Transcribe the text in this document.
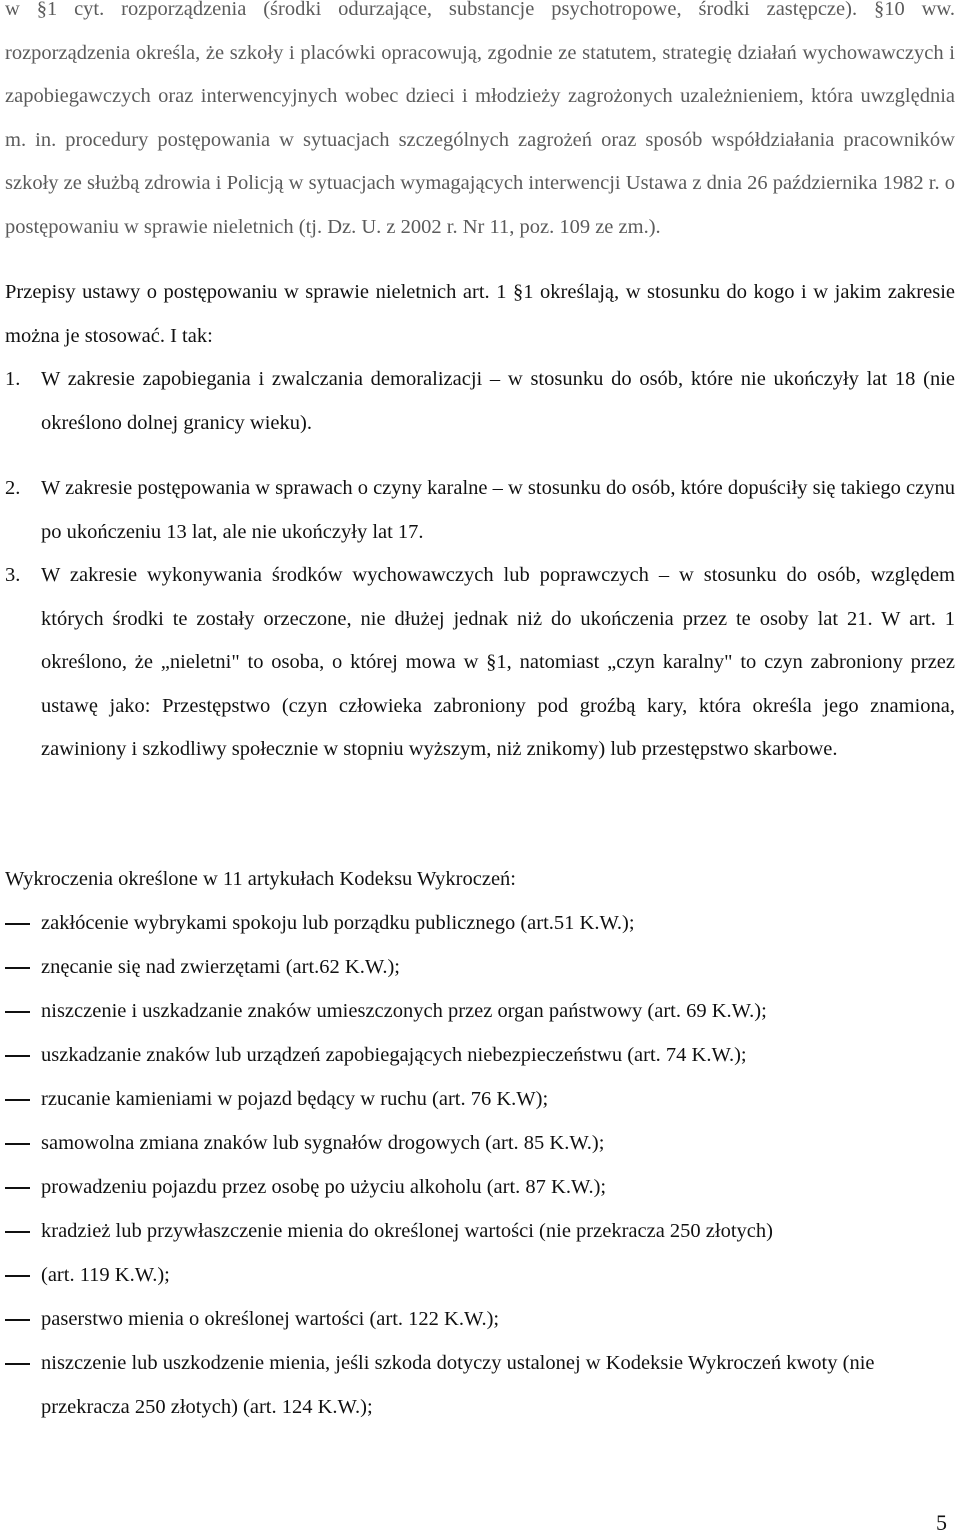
w §1 cyt. rozporządzenia (środki odurzające, substancje psychotropowe, środki zastępcze). §10 ww. rozporządzenia określa, że szkoły i placówki opracowują, zgodnie ze statutem, strategię działań wychowawczych i zapobiegawczych oraz interwencyjnych wobec dzieci i młodzieży zagrożonych uzależnieniem, która uwzględnia m. in. procedury postępowania w sytuacjach szczególnych zagrożeń oraz sposób współdziałania pracowników szkoły ze służbą zdrowia i Policją w sytuacjach wymagających interwencji Ustawa z dnia 26 października 1982 r. o postępowaniu w sprawie nieletnich (tj. Dz. U. z 2002 r. Nr 11, poz. 109 ze zm.).

Przepisy ustawy o postępowaniu w sprawie nieletnich art. 1 §1 określają, w stosunku do kogo i w jakim zakresie można je stosować. I tak:

1. W zakresie zapobiegania i zwalczania demoralizacji – w stosunku do osób, które nie ukończyły lat 18 (nie określono dolnej granicy wieku).
2. W zakresie postępowania w sprawach o czyny karalne – w stosunku do osób, które dopuściły się takiego czynu po ukończeniu 13 lat, ale nie ukończyły lat 17.
3. W zakresie wykonywania środków wychowawczych lub poprawczych – w stosunku do osób, względem których środki te zostały orzeczone, nie dłużej jednak niż do ukończenia przez te osoby lat 21. W art. 1 określono, że „nieletni" to osoba, o której mowa w §1, natomiast „czyn karalny" to czyn zabroniony przez ustawę jako: Przestępstwo (czyn człowieka zabroniony pod groźbą kary, która określa jego znamiona, zawiniony i szkodliwy społecznie w stopniu wyższym, niż znikomy) lub przestępstwo skarbowe.

Wykroczenia określone w 11 artykułach Kodeksu Wykroczeń:

zakłócenie wybrykami spokoju lub porządku publicznego (art.51 K.W.);
znęcanie się nad zwierzętami (art.62 K.W.);
niszczenie i uszkadzanie znaków umieszczonych przez organ państwowy (art. 69 K.W.);
uszkadzanie znaków lub urządzeń zapobiegających niebezpieczeństwu (art. 74 K.W.);
rzucanie kamieniami w pojazd będący w ruchu (art. 76 K.W);
samowolna zmiana znaków lub sygnałów drogowych (art. 85 K.W.);
prowadzeniu pojazdu przez osobę po użyciu alkoholu (art. 87 K.W.);
kradzież lub przywłaszczenie mienia do określonej wartości (nie przekracza 250 złotych)
(art. 119 K.W.);
paserstwo mienia o określonej wartości (art. 122 K.W.);
niszczenie lub uszkodzenie mienia, jeśli szkoda dotyczy ustalonej w Kodeksie Wykroczeń kwoty (nie przekracza 250 złotych) (art. 124 K.W.);
5
